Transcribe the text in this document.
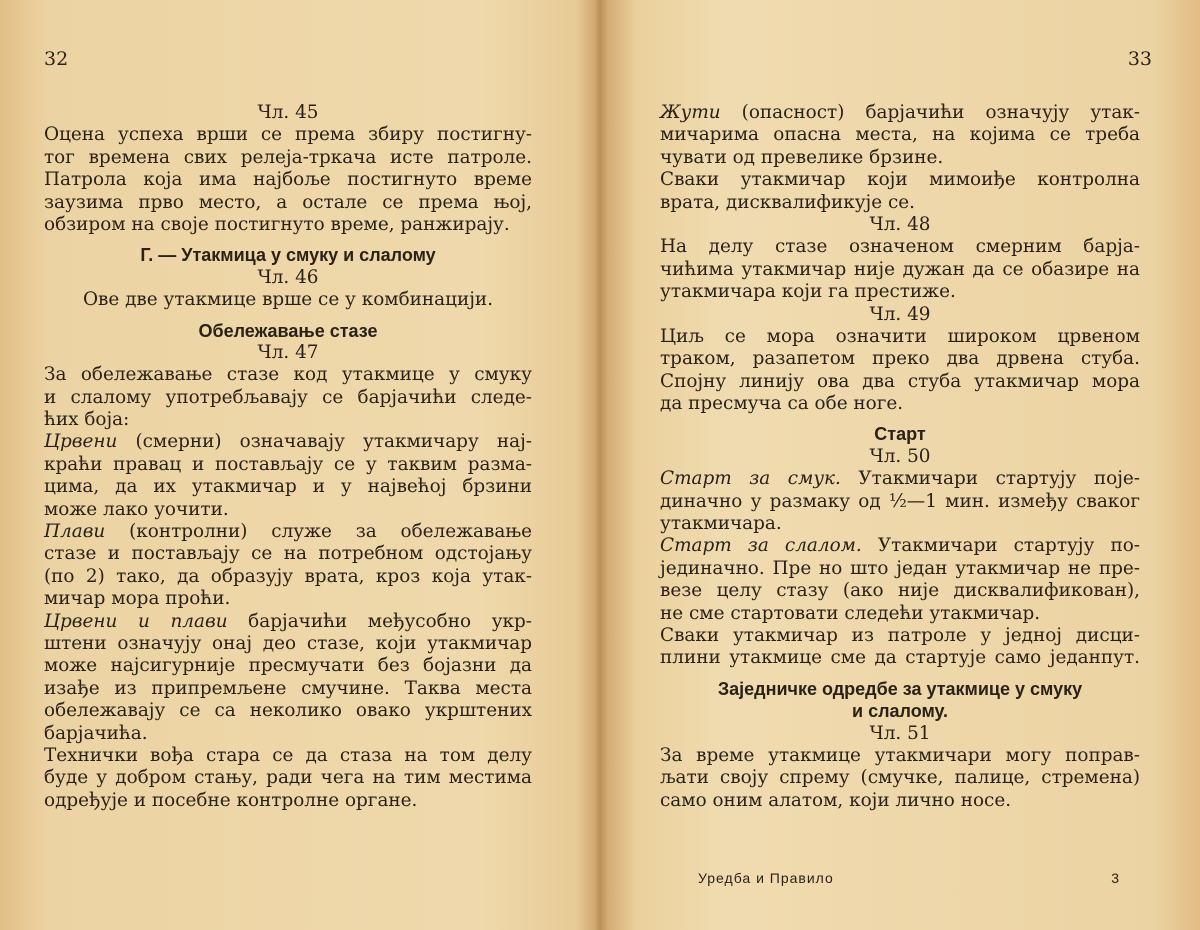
32
Чл. 45
Оцена успеха врши се према збиру постигну-
тог времена свих релеја-тркача исте патроле.
Патрола која има најбоље постигнуто време
заузима прво место, а остале се према њој,
обзиром на своје постигнуто време, ранжирају.
Г. — Утакмица у смуку и слалому
Чл. 46
Ове две утакмице врше се у комбинацији.
Обележавање стазе
Чл. 47
За обележавање стазе код утакмице у смуку
и слалому употребљавају се барјачићи следе-
ћих боја:
Црвени (смерни) означавају утакмичару нај-
краћи правац и постављају се у таквим размa-
цима, да их утакмичар и у највећој брзини
може лако уочити.
Плави (контролни) служе за обележавање
стазе и постављају се на потребном одстојању
(по 2) тако, да образују врата, кроз која утак-
мичар мора проћи.
Црвени и плави барјачићи међусобно укр-
штени означују онај део стазе, који утакмичар
може најсигурније пресмучати без бојазни да
изађе из припремљене смучине. Таква места
обележавају се са неколико овако укрштених
барјачића.
Технички вођа стара се да стаза на том делу
буде у добром стању, ради чега на тим местима
одређује и посебне контролне органе.
33
Жути (опасност) барјачићи означују утак-
мичарима опасна места, на којима се треба
чувати од превелике брзине.
Сваки утакмичар који мимоиђе контролна
врата, дисквалификује се.
Чл. 48
На делу стазе означеном смерним барја-
чићима утакмичар није дужан да се обазире на
утакмичара који га престиже.
Чл. 49
Циљ се мора означити широком црвеном
траком, разапетом преко два дрвена стуба.
Спојну линију ова два стуба утакмичар мора
да пресмуча са обе ноге.
Старт
Чл. 50
Старт за смук. Утакмичари стартују поје-
динaчно у размаку од ½—1 мин. између сваког
утакмичара.
Старт за слалом. Утакмичари стартују по-
јединачно. Пре но што један утакмичар не пре-
везе целу стазу (ако није дисквалификован),
не сме стартовати следећи утакмичар.
Сваки утакмичар из патроле у једној дисци-
плини утакмице сме да стартује само једанпут.
Заједничке одредбе за утакмице у смуку
и слалому.
Чл. 51
За време утакмице утакмичари могу поправ-
љати своју спрему (смучке, палице, стремена)
само оним алатом, који лично носе.
Уредба и Правило	3
